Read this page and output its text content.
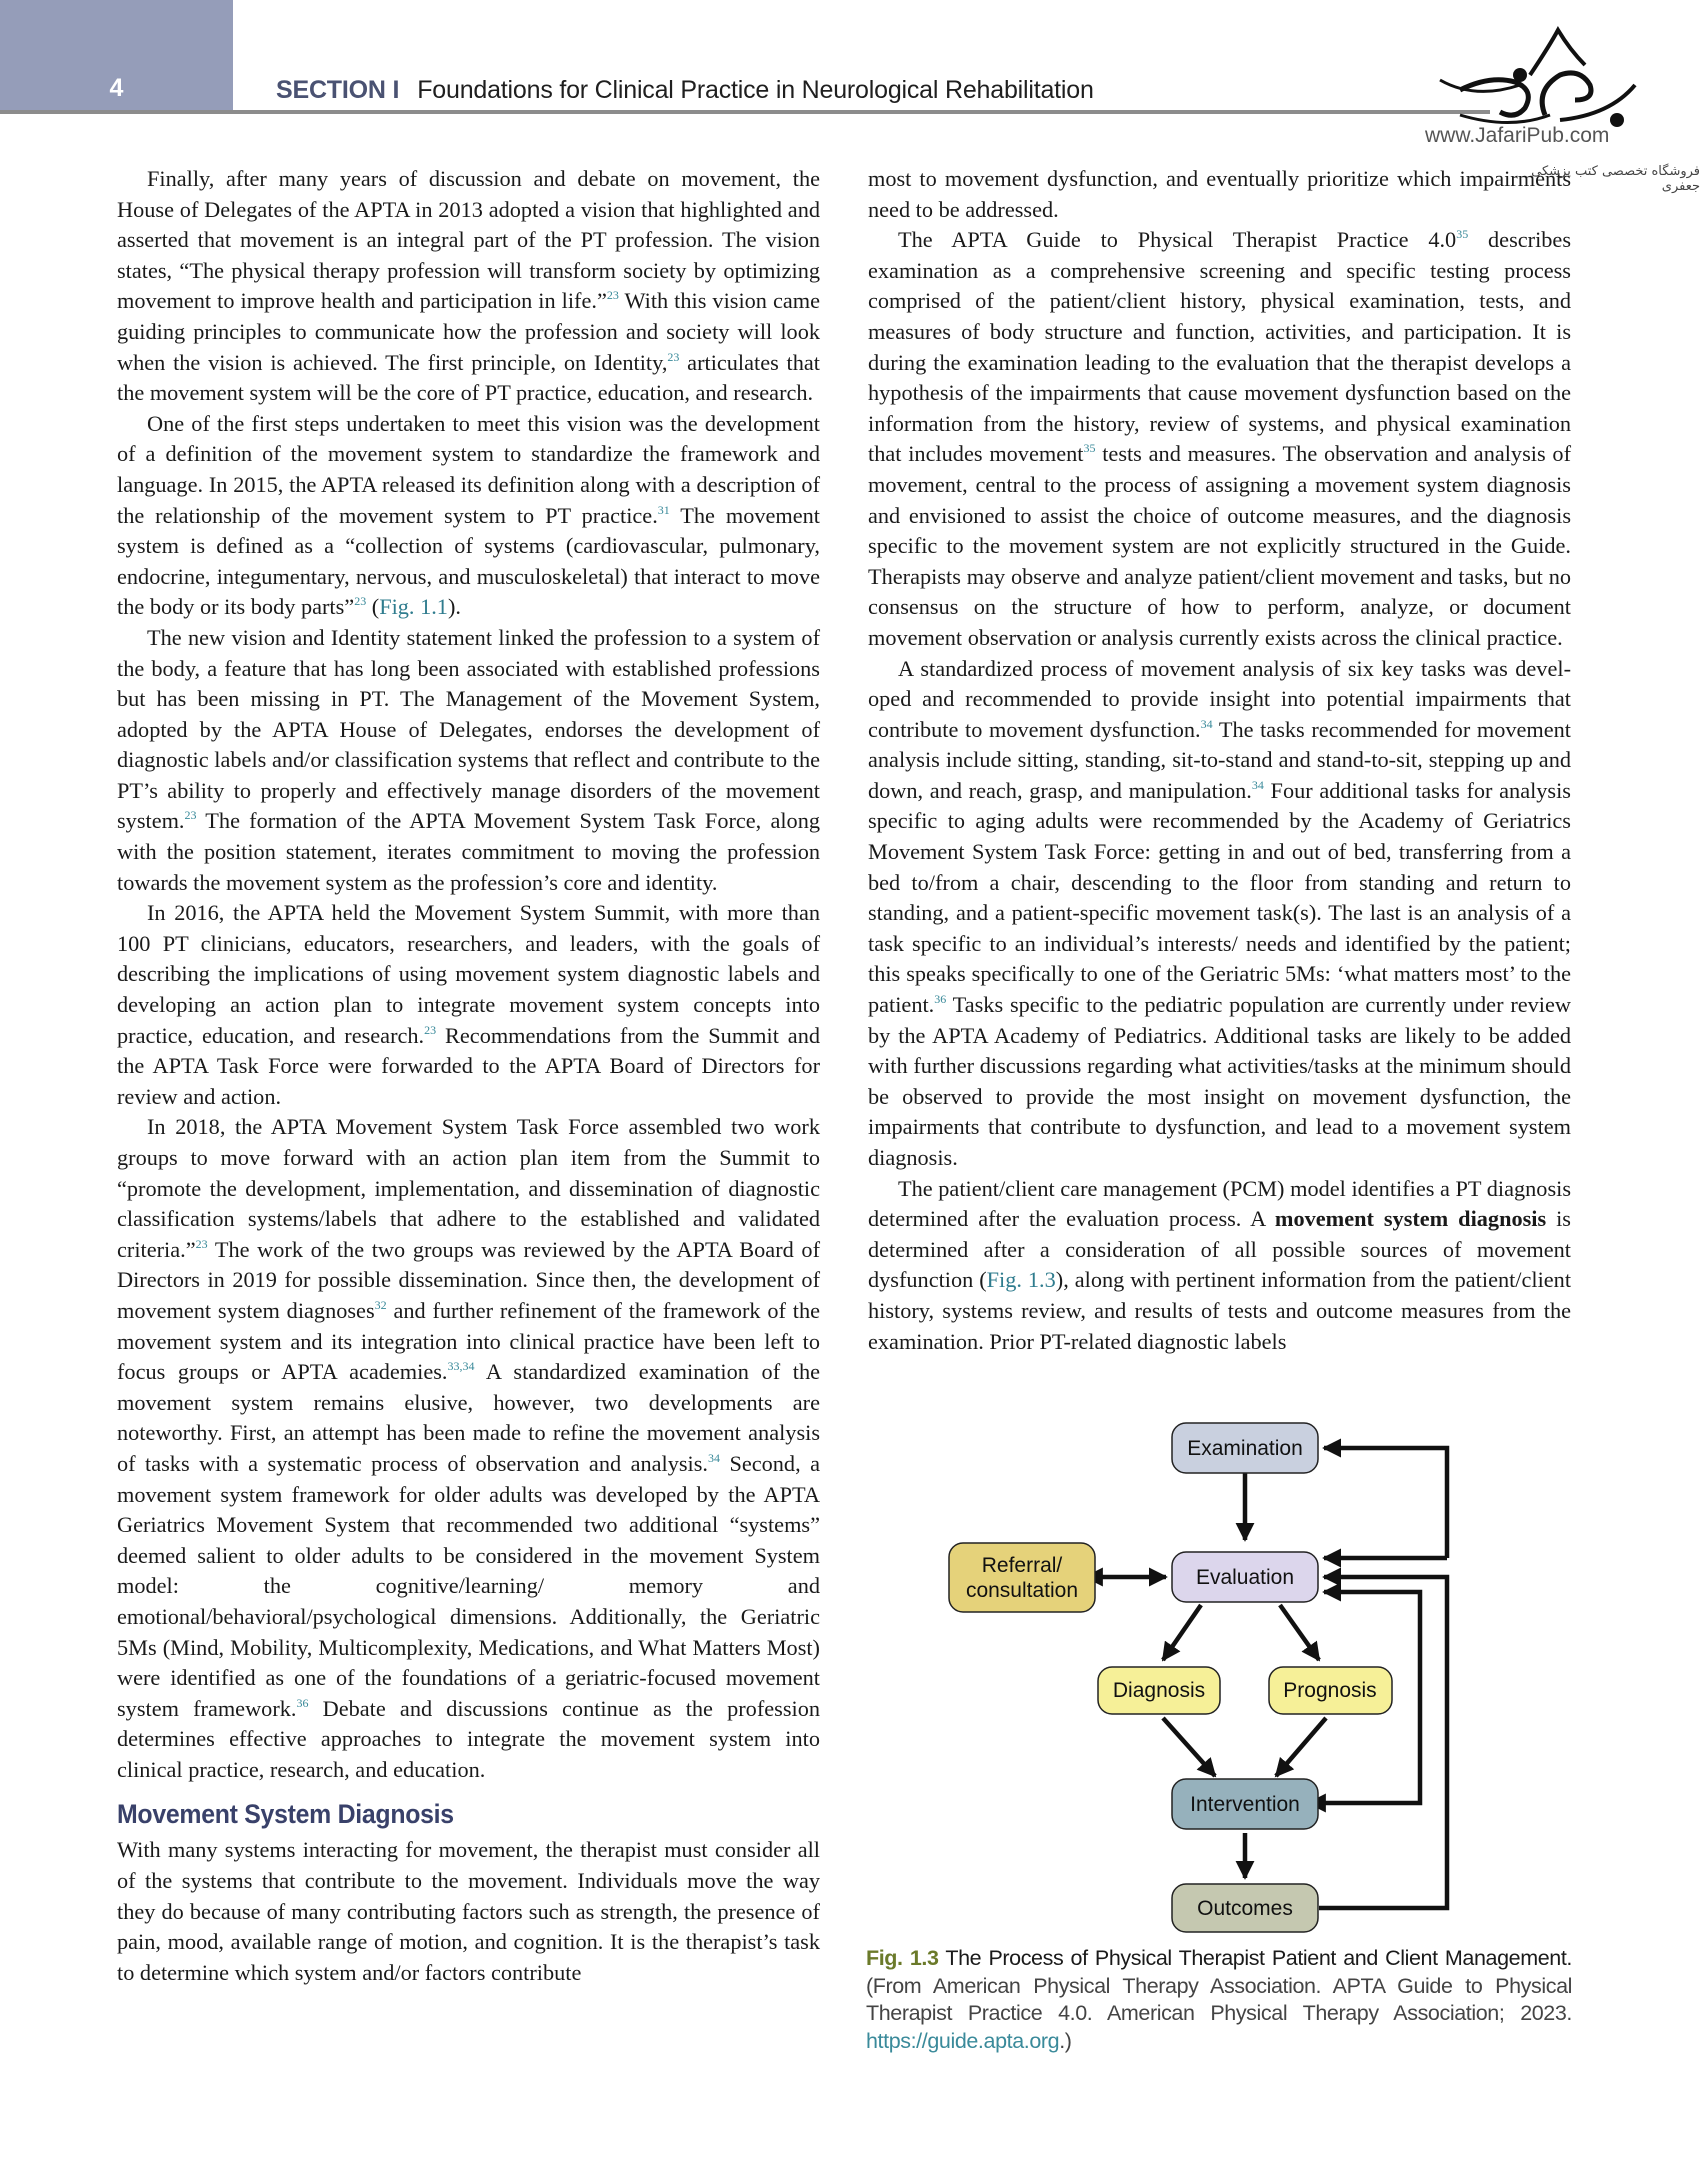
4	SECTION I Foundations for Clinical Practice in Neurological Rehabilitation
www.JafariPub.com
فروشگاه تخصصی کتب پزشکی جعفری

Finally, after many years of discussion and debate on movement, the House of Delegates of the APTA in 2013 adopted a vision that highlighted and asserted that movement is an integral part of the PT profession. The vision states, “The physical therapy profession will transform society by optimizing movement to improve health and participation in life.”$^{23}$ With this vision came guiding principles to communicate how the profession and society will look when the vision is achieved. The first principle, on Identity,$^{23}$ articulates that the movement system will be the core of PT practice, education, and research.

One of the first steps undertaken to meet this vision was the development of a definition of the movement system to standardize the framework and language. In 2015, the APTA released its definition along with a description of the relationship of the movement system to PT practice.$^{31}$ The movement system is defined as a “collection of systems (cardiovascular, pulmonary, endocrine, integumentary, nervous, and musculoskeletal) that interact to move the body or its body parts”$^{23}$ (Fig. 1.1).

The new vision and Identity statement linked the profession to a system of the body, a feature that has long been associated with established professions but has been missing in PT. The Management of the Movement System, adopted by the APTA House of Delegates, endorses the development of diagnostic labels and/or classification systems that reflect and contribute to the PT’s ability to properly and effectively manage disorders of the movement system.$^{23}$ The formation of the APTA Movement System Task Force, along with the position statement, iterates commitment to moving the profession towards the movement system as the profession’s core and identity.

In 2016, the APTA held the Movement System Summit, with more than 100 PT clinicians, educators, researchers, and leaders, with the goals of describing the implications of using movement system diagnostic labels and developing an action plan to integrate movement system concepts into practice, education, and research.$^{23}$ Recommendations from the Summit and the APTA Task Force were forwarded to the APTA Board of Directors for review and action.

In 2018, the APTA Movement System Task Force assembled two work groups to move forward with an action plan item from the Summit to “promote the development, implementation, and dissemination of diagnostic classification systems/labels that adhere to the established and validated criteria.”$^{23}$ The work of the two groups was reviewed by the APTA Board of Directors in 2019 for possible dissemination. Since then, the development of movement system diagnoses$^{32}$ and further refinement of the framework of the movement system and its integration into clinical practice have been left to focus groups or APTA academies.$^{33,34}$ A standardized examination of the movement system remains elusive, however, two developments are noteworthy. First, an attempt has been made to refine the movement analysis of tasks with a systematic process of observation and analysis.$^{34}$ Second, a movement system framework for older adults was developed by the APTA Geriatrics Movement System that recommended two additional “systems” deemed salient to older adults to be considered in the movement System model: the cognitive/learning/ memory and emotional/behavioral/psychological dimensions. Additionally, the Geriatric 5Ms (Mind, Mobility, Multicomplexity, Medications, and What Matters Most) were identified as one of the foundations of a geriatric-focused movement system framework.$^{36}$ Debate and discussions continue as the profession determines effective approaches to integrate the movement system into clinical practice, research, and education.

Movement System Diagnosis

With many systems interacting for movement, the therapist must consider all of the systems that contribute to the movement. Individuals move the way they do because of many contributing factors such as strength, the presence of pain, mood, available range of motion, and cognition. It is the therapist’s task to determine which system and/or factors contribute

most to movement dysfunction, and eventually prioritize which impairments need to be addressed.

The APTA Guide to Physical Therapist Practice $4.0^{35}$ describes examination as a comprehensive screening and specific testing process comprised of the patient/client history, physical examination, tests, and measures of body structure and function, activities, and participation. It is during the examination leading to the evaluation that the therapist develops a hypothesis of the impairments that cause movement dysfunction based on the information from the history, review of systems, and physical examination that includes movement$^{35}$ tests and measures. The observation and analysis of movement, central to the process of assigning a movement system diagnosis and envisioned to assist the choice of outcome measures, and the diagnosis specific to the movement system are not explicitly structured in the Guide. Therapists may observe and analyze patient/client movement and tasks, but no consensus on the structure of how to perform, analyze, or document movement observation or analysis currently exists across the clinical practice.

A standardized process of movement analysis of six key tasks was developed and recommended to provide insight into potential impairments that contribute to movement dysfunction.$^{34}$ The tasks recommended for movement analysis include sitting, standing, sit-to-stand and stand-to-sit, stepping up and down, and reach, grasp, and manipulation.$^{34}$ Four additional tasks for analysis specific to aging adults were recommended by the Academy of Geriatrics Movement System Task Force: getting in and out of bed, transferring from a bed to/from a chair, descending to the floor from standing and return to standing, and a patient-specific movement task(s). The last is an analysis of a task specific to an individual’s interests/ needs and identified by the patient; this speaks specifically to one of the Geriatric 5Ms: ‘what matters most’ to the patient.$^{36}$ Tasks specific to the pediatric population are currently under review by the APTA Academy of Pediatrics. Additional tasks are likely to be added with further discussions regarding what activities/tasks at the minimum should be observed to provide the most insight on movement dysfunction, the impairments that contribute to dysfunction, and lead to a movement system diagnosis.

The patient/client care management (PCM) model identifies a PT diagnosis determined after the evaluation process. A movement system diagnosis is determined after a consideration of all possible sources of movement dysfunction (Fig. 1.3), along with pertinent information from the patient/client history, systems review, and results of tests and outcome measures from the examination. Prior PT-related diagnostic labels

Examination
Referral/
consultation
Evaluation
Diagnosis	Prognosis
Intervention
Outcomes
Fig. 1.3 The Process of Physical Therapist Patient and Client Management. (From American Physical Therapy Association. APTA Guide to Physical Therapist Practice 4.0. American Physical Therapy Association; 2023. https://guide.apta.org.)
